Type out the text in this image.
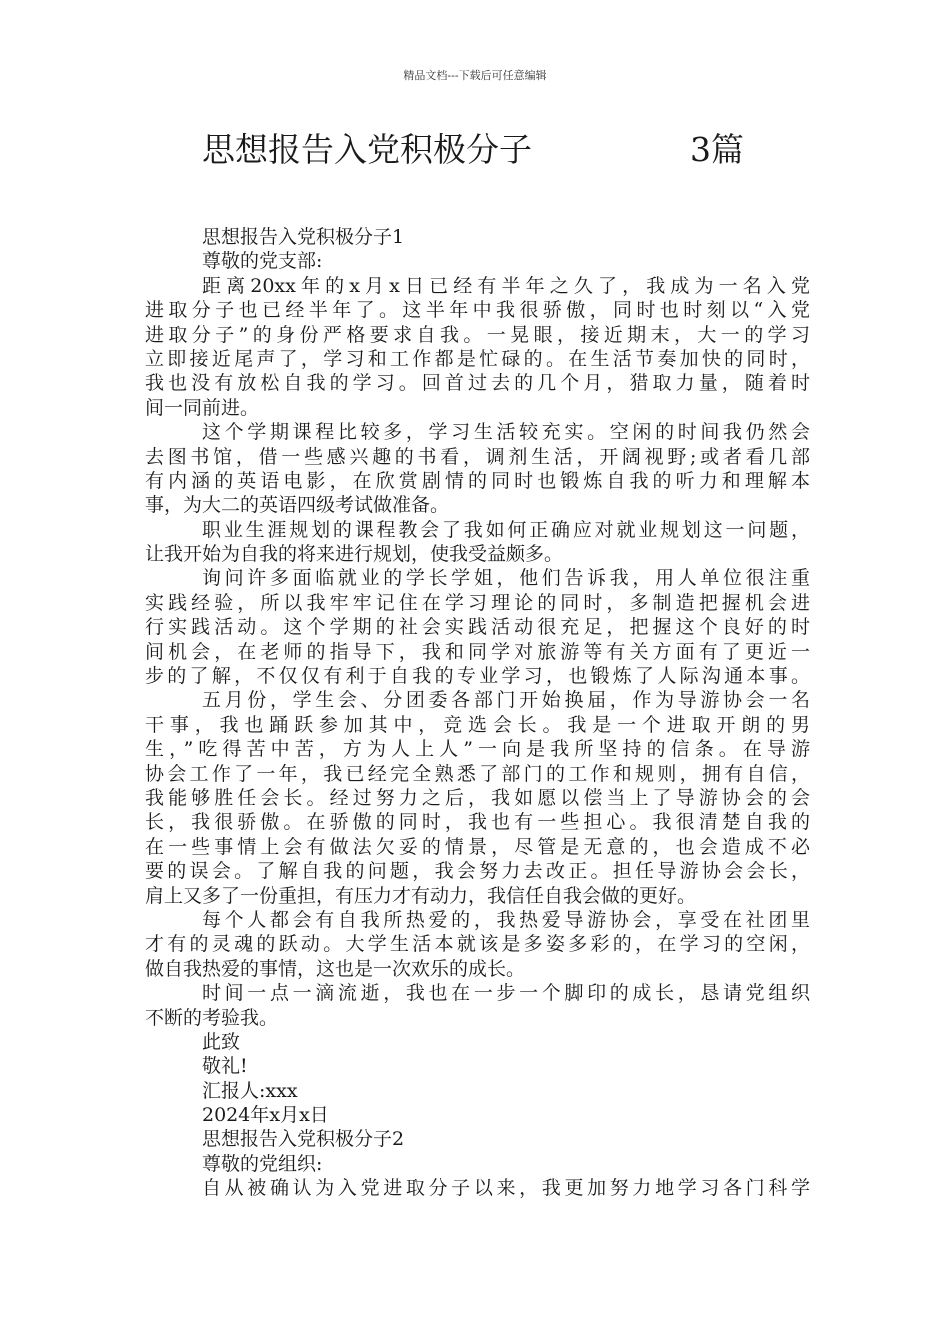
精品文档---下载后可任意编辑
思想报告入党积极分子	3篇
思想报告入党积极分子1
尊敬的党支部:
距离20xx年的x月x日已经有半年之久了，我成为一名入党
进取分子也已经半年了。这半年中我很骄傲，同时也时刻以“入党
进取分子”的身份严格要求自我。一晃眼，接近期末，大一的学习
立即接近尾声了，学习和工作都是忙碌的。在生活节奏加快的同时，
我也没有放松自我的学习。回首过去的几个月，猎取力量，随着时
间一同前进。
这个学期课程比较多，学习生活较充实。空闲的时间我仍然会
去图书馆，借一些感兴趣的书看，调剂生活，开阔视野;或者看几部
有内涵的英语电影，在欣赏剧情的同时也锻炼自我的听力和理解本
事，为大二的英语四级考试做准备。
职业生涯规划的课程教会了我如何正确应对就业规划这一问题，
让我开始为自我的将来进行规划，使我受益颇多。
询问许多面临就业的学长学姐，他们告诉我，用人单位很注重
实践经验，所以我牢牢记住在学习理论的同时，多制造把握机会进
行实践活动。这个学期的社会实践活动很充足，把握这个良好的时
间机会，在老师的指导下，我和同学对旅游等有关方面有了更近一
步的了解，不仅仅有利于自我的专业学习，也锻炼了人际沟通本事。
五月份，学生会、分团委各部门开始换届，作为导游协会一名
干事，我也踊跃参加其中，竞选会长。我是一个进取开朗的男
生，”吃得苦中苦，方为人上人”一向是我所坚持的信条。在导游
协会工作了一年，我已经完全熟悉了部门的工作和规则，拥有自信，
我能够胜任会长。经过努力之后，我如愿以偿当上了导游协会的会
长，我很骄傲。在骄傲的同时，我也有一些担心。我很清楚自我的
在一些事情上会有做法欠妥的情景，尽管是无意的，也会造成不必
要的误会。了解自我的问题，我会努力去改正。担任导游协会会长，
肩上又多了一份重担，有压力才有动力，我信任自我会做的更好。
每个人都会有自我所热爱的，我热爱导游协会，享受在社团里
才有的灵魂的跃动。大学生活本就该是多姿多彩的，在学习的空闲，
做自我热爱的事情，这也是一次欢乐的成长。
时间一点一滴流逝，我也在一步一个脚印的成长，恳请党组织
不断的考验我。
此致
敬礼!
汇报人:xxx
2024年x月x日
思想报告入党积极分子2
尊敬的党组织:
自从被确认为入党进取分子以来，我更加努力地学习各门科学
